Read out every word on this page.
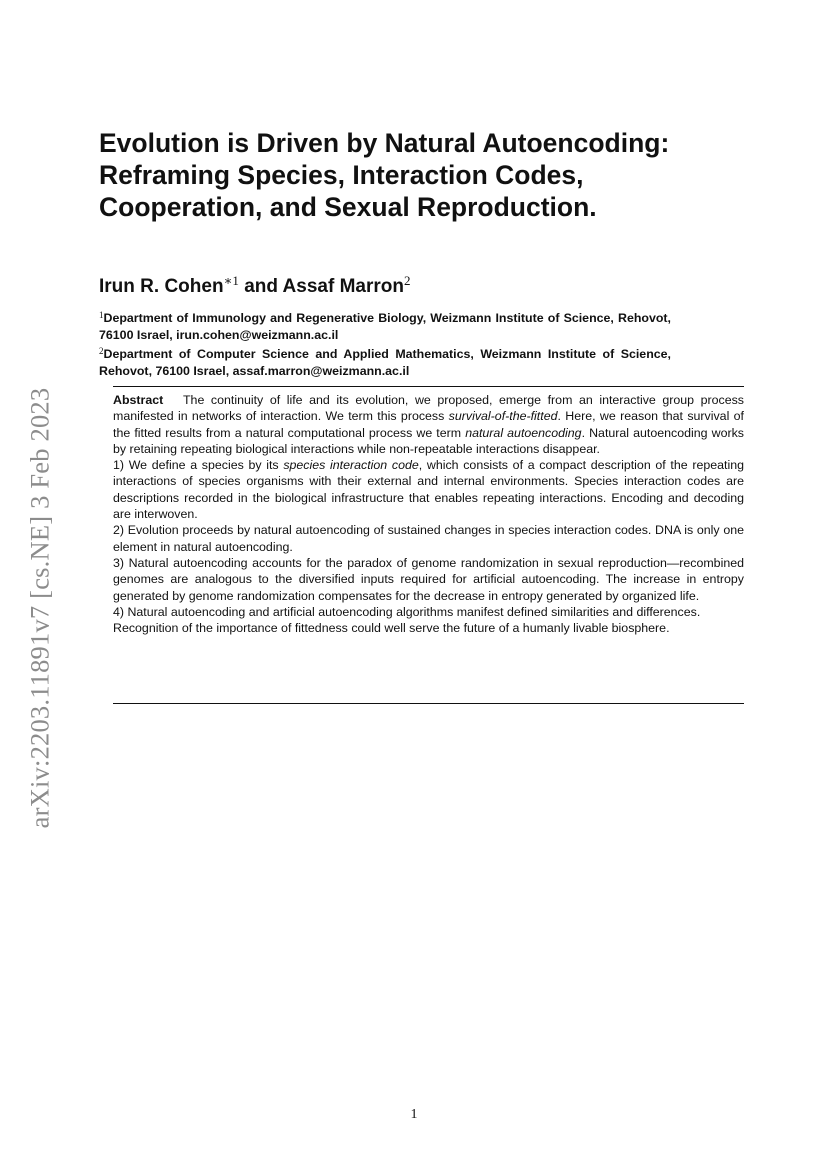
arXiv:2203.11891v7 [cs.NE] 3 Feb 2023
Evolution is Driven by Natural Autoencoding: Reframing Species, Interaction Codes, Cooperation, and Sexual Reproduction.
Irun R. Cohen$^{∗1}$ and Assaf Marron$^2$

$^1$Department of Immunology and Regenerative Biology, Weizmann Institute of Science, Rehovot, 76100 Israel, irun.cohen@weizmann.ac.il

$^2$Department of Computer Science and Applied Mathematics, Weizmann Institute of Science, Rehovot, 76100 Israel, assaf.marron@weizmann.ac.il

Abstract The continuity of life and its evolution, we proposed, emerge from an interactive group process manifested in networks of interaction. We term this process survival-of-the-fitted. Here, we reason that survival of the fitted results from a natural computational process we term natural autoencoding. Natural autoencoding works by retaining repeating biological interactions while non-repeatable interactions disappear.

1) We define a species by its species interaction code, which consists of a compact description of the repeating interactions of species organisms with their external and internal environments. Species interaction codes are descriptions recorded in the biological infrastructure that enables repeating interactions. Encoding and decoding are interwoven.

2) Evolution proceeds by natural autoencoding of sustained changes in species interaction codes. DNA is only one element in natural autoencoding.

3) Natural autoencoding accounts for the paradox of genome randomization in sexual reproduction—recombined genomes are analogous to the diversified inputs required for artificial autoencoding. The increase in entropy generated by genome randomization compensates for the decrease in entropy generated by organized life.

4) Natural autoencoding and artificial autoencoding algorithms manifest defined similarities and differences.

Recognition of the importance of fittedness could well serve the future of a humanly livable biosphere.

1
